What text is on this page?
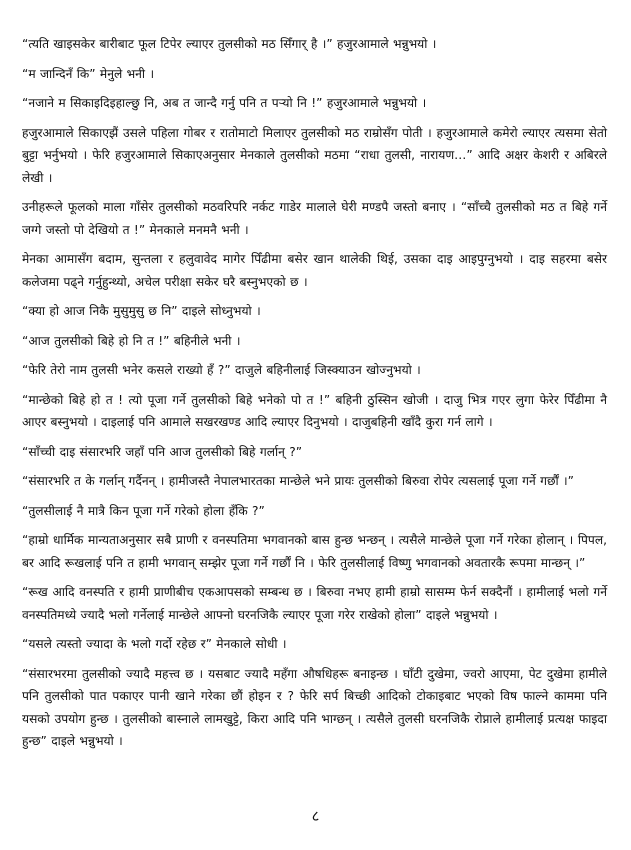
“त्यति खाइसकेर बारीबाट फूल टिपेर ल्याएर तुलसीको मठ सिँगार् है ।” हजुरआमाले भन्नुभयो ।

“म जान्दिनँ कि” मेनुले भनी ।

“नजाने म सिकाइदिइहाल्छु नि, अब त जान्दै गर्नु पनि त पर्‍यो नि !” हजुरआमाले भन्नुभयो ।

हजुरआमाले सिकाएझैं उसले पहिला गोबर र रातोमाटो मिलाएर तुलसीको मठ राम्रोसँग पोती । हजुरआमाले कमेरो ल्याएर त्यसमा सेतो बुट्टा भर्नुभयो । फेरि हजुरआमाले सिकाएअनुसार मेनकाले तुलसीको मठमा “राधा तुलसी, नारायण…” आदि अक्षर केशरी र अबिरले लेखी ।

उनीहरूले फूलको माला गाँसेर तुलसीको मठवरिपरि नर्कट गाडेर मालाले घेरी मण्डपै जस्तो बनाए । “साँच्चै तुलसीको मठ त बिहे गर्ने जग्गे जस्तो पो देखियो त !” मेनकाले मनमनै भनी ।

मेनका आमासँग बदाम, सुन्तला र हलुवावेद मागेर पिँढीमा बसेर खान थालेकी थिई, उसका दाइ आइपुग्नुभयो । दाइ सहरमा बसेर कलेजमा पढ्ने गर्नुहुन्थ्यो, अचेल परीक्षा सकेर घरै बस्नुभएको छ ।

“क्या हो आज निकै मुसुमुसु छ नि” दाइले सोध्नुभयो ।

“आज तुलसीको बिहे हो नि त !” बहिनीले भनी ।

“फेरि तेरो नाम तुलसी भनेर कसले राख्यो हँ ?” दाजुले बहिनीलाई जिस्क्याउन खोज्नुभयो ।

“मान्छेको बिहे हो त ! त्यो पूजा गर्ने तुलसीको बिहे भनेको पो त !” बहिनी ठुस्सिन खोजी । दाजु भित्र गएर लुगा फेरेर पिँढीमा नै आएर बस्नुभयो । दाइलाई पनि आमाले सखरखण्ड आदि ल्याएर दिनुभयो । दाजुबहिनी खाँदै कुरा गर्न लागे ।

“साँच्ची दाइ संसारभरि जहाँ पनि आज तुलसीको बिहे गर्लान् ?”

“संसारभरि त के गर्लान् गर्दैनन् । हामीजस्तै नेपालभारतका मान्छेले भने प्रायः तुलसीको बिरुवा रोपेर त्यसलाई पूजा गर्ने गर्छौं ।”

“तुलसीलाई नै मात्रै किन पूजा गर्ने गरेको होला हँकि ?”

“हाम्रो धार्मिक मान्यताअनुसार सबै प्राणी र वनस्पतिमा भगवानको बास हुन्छ भन्छन् । त्यसैले मान्छेले पूजा गर्ने गरेका होलान् । पिपल, बर आदि रूखलाई पनि त हामी भगवान् सम्झेर पूजा गर्ने गर्छौं नि । फेरि तुलसीलाई विष्णु भगवानको अवतारकै रूपमा मान्छन् ।”

“रूख आदि वनस्पति र हामी प्राणीबीच एकआपसको सम्बन्ध छ । बिरुवा नभए हामी हाम्रो सासम्म फेर्न सक्दैनौं । हामीलाई भलो गर्ने वनस्पतिमध्ये ज्यादै भलो गर्नेलाई मान्छेले आफ्नो घरनजिकै ल्याएर पूजा गरेर राखेको होला” दाइले भन्नुभयो ।

“यसले त्यस्तो ज्यादा के भलो गर्दो रहेछ र” मेनकाले सोधी ।

“संसारभरमा तुलसीको ज्यादै महत्त्व छ । यसबाट ज्यादै महँगा औषधिहरू बनाइन्छ । घाँटी दुखेमा, ज्वरो आएमा, पेट दुखेमा हामीले पनि तुलसीको पात पकाएर पानी खाने गरेका छौं होइन र ? फेरि सर्प बिच्छी आदिको टोकाइबाट भएको विष फाल्ने काममा पनि यसको उपयोग हुन्छ । तुलसीको बास्नाले लामखुट्टे, किरा आदि पनि भाग्छन् । त्यसैले तुलसी घरनजिकै रोप्नाले हामीलाई प्रत्यक्ष फाइदा हुन्छ” दाइले भन्नुभयो ।

८
